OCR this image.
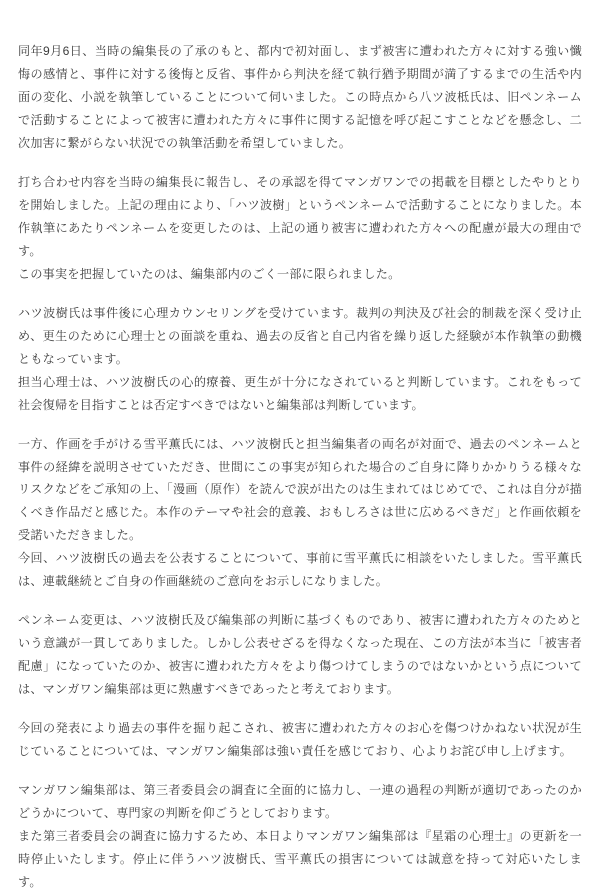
同年9月6日、当時の編集長の了承のもと、都内で初対面し、まず被害に遭われた方々に対する強い懺悔の感情と、事件に対する後悔と反省、事件から判決を経て執行猶予期間が満了するまでの生活や内面の変化、小説を執筆していることについて伺いました。この時点から八ツ波柢氏は、旧ペンネームで活動することによって被害に遭われた方々に事件に関する記憶を呼び起こすことなどを懸念し、二次加害に繋がらない状況での執筆活動を希望していました。

打ち合わせ内容を当時の編集長に報告し、その承認を得てマンガワンでの掲載を目標としたやりとりを開始しました。上記の理由により、「ハツ波樹」というペンネームで活動することになりました。本作執筆にあたりペンネームを変更したのは、上記の通り被害に遭われた方々への配慮が最大の理由です。

この事実を把握していたのは、編集部内のごく一部に限られました。

ハツ波樹氏は事件後に心理カウンセリングを受けています。裁判の判決及び社会的制裁を深く受け止め、更生のために心理士との面談を重ね、過去の反省と自己内省を繰り返した経験が本作執筆の動機ともなっています。

担当心理士は、ハツ波樹氏の心的療養、更生が十分になされていると判断しています。これをもって社会復帰を目指すことは否定すべきではないと編集部は判断しています。

一方、作画を手がける雪平薫氏には、ハツ波樹氏と担当編集者の両名が対面で、過去のペンネームと事件の経緯を説明させていただき、世間にこの事実が知られた場合のご自身に降りかかりうる様々なリスクなどをご承知の上、「漫画（原作）を読んで涙が出たのは生まれてはじめてで、これは自分が描くべき作品だと感じた。本作のテーマや社会的意義、おもしろさは世に広めるべきだ」と作画依頼を受諾いただきました。

今回、ハツ波樹氏の過去を公表することについて、事前に雪平薫氏に相談をいたしました。雪平薫氏は、連載継続とご自身の作画継続のご意向をお示しになりました。

ペンネーム変更は、ハツ波樹氏及び編集部の判断に基づくものであり、被害に遭われた方々のためという意識が一貫してありました。しかし公表せざるを得なくなった現在、この方法が本当に「被害者配慮」になっていたのか、被害に遭われた方々をより傷つけてしまうのではないかという点については、マンガワン編集部は更に熟慮すべきであったと考えております。

今回の発表により過去の事件を掘り起こされ、被害に遭われた方々のお心を傷つけかねない状況が生じていることについては、マンガワン編集部は強い責任を感じており、心よりお詫び申し上げます。

マンガワン編集部は、第三者委員会の調査に全面的に協力し、一連の過程の判断が適切であったのかどうかについて、専門家の判断を仰ごうとしております。

また第三者委員会の調査に協力するため、本日よりマンガワン編集部は『星霜の心理士』の更新を一時停止いたします。停止に伴うハツ波樹氏、雪平薫氏の損害については誠意を持って対応いたします。
